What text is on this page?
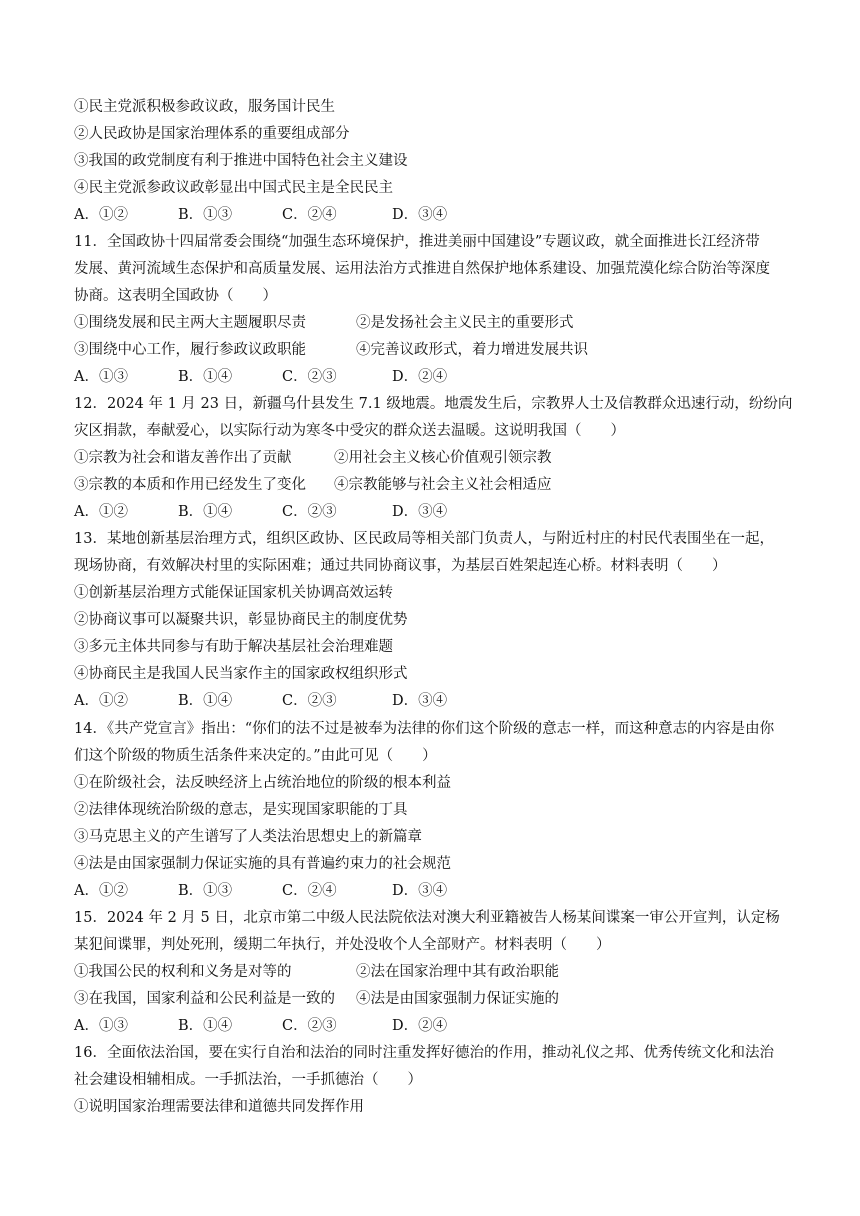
①民主党派积极参政议政，服务国计民生
②人民政协是国家治理体系的重要组成部分
③我国的政党制度有利于推进中国特色社会主义建设
④民主党派参政议政彰显出中国式民主是全民民主
A．①②	B．①③	C．②④	D．③④
11．全国政协十四届常委会围绕“加强生态环境保护，推进美丽中国建设”专题议政，就全面推进长江经济带
发展、黄河流域生态保护和高质量发展、运用法治方式推进自然保护地体系建设、加强荒漠化综合防治等深度
协商。这表明全国政协（　　）
①围绕发展和民主两大主题履职尽责	②是发扬社会主义民主的重要形式
③围绕中心工作，履行参政议政职能	④完善议政形式，着力增进发展共识
A．①③	B．①④	C．②③	D．②④
12．2024 年 1 月 23 日，新疆乌什县发生 7.1 级地震。地震发生后，宗教界人士及信教群众迅速行动，纷纷向
灾区捐款，奉献爱心，以实际行动为寒冬中受灾的群众送去温暖。这说明我国（　　）
①宗教为社会和谐友善作出了贡献	②用社会主义核心价值观引领宗教
③宗教的本质和作用已经发生了变化 ④宗教能够与社会主义社会相适应
A．①②	B．①④	C．②③	D．③④
13．某地创新基层治理方式，组织区政协、区民政局等相关部门负责人，与附近村庄的村民代表围坐在一起，
现场协商，有效解决村里的实际困难；通过共同协商议事，为基层百姓架起连心桥。材料表明（　　）
①创新基层治理方式能保证国家机关协调高效运转
②协商议事可以凝聚共识，彰显协商民主的制度优势
③多元主体共同参与有助于解决基层社会治理难题
④协商民主是我国人民当家作主的国家政权组织形式
A．①②	B．①④	C．②③	D．③④
14．《共产党宣言》指出：“你们的法不过是被奉为法律的你们这个阶级的意志一样，而这种意志的内容是由你
们这个阶级的物质生活条件来决定的。”由此可见（　　）
①在阶级社会，法反映经济上占统治地位的阶级的根本利益
②法律体现统治阶级的意志，是实现国家职能的丁具
③马克思主义的产生谱写了人类法治思想史上的新篇章
④法是由国家强制力保证实施的具有普遍约束力的社会规范
A．①②	B．①③	C．②④	D．③④
15．2024 年 2 月 5 日，北京市第二中级人民法院依法对澳大利亚籍被告人杨某间谍案一审公开宣判，认定杨
某犯间谍罪，判处死刑，缓期二年执行，并处没收个人全部财产。材料表明（　　）
①我国公民的权利和义务是对等的	②法在国家治理中其有政治职能
③在我国，国家利益和公民利益是一致的 ④法是由国家强制力保证实施的
A．①③	B．①④	C．②③	D．②④
16．全面依法治国，要在实行自治和法治的同时注重发挥好德治的作用，推动礼仪之邦、优秀传统文化和法治
社会建设相辅相成。一手抓法治，一手抓德治（　　）
①说明国家治理需要法律和道德共同发挥作用
